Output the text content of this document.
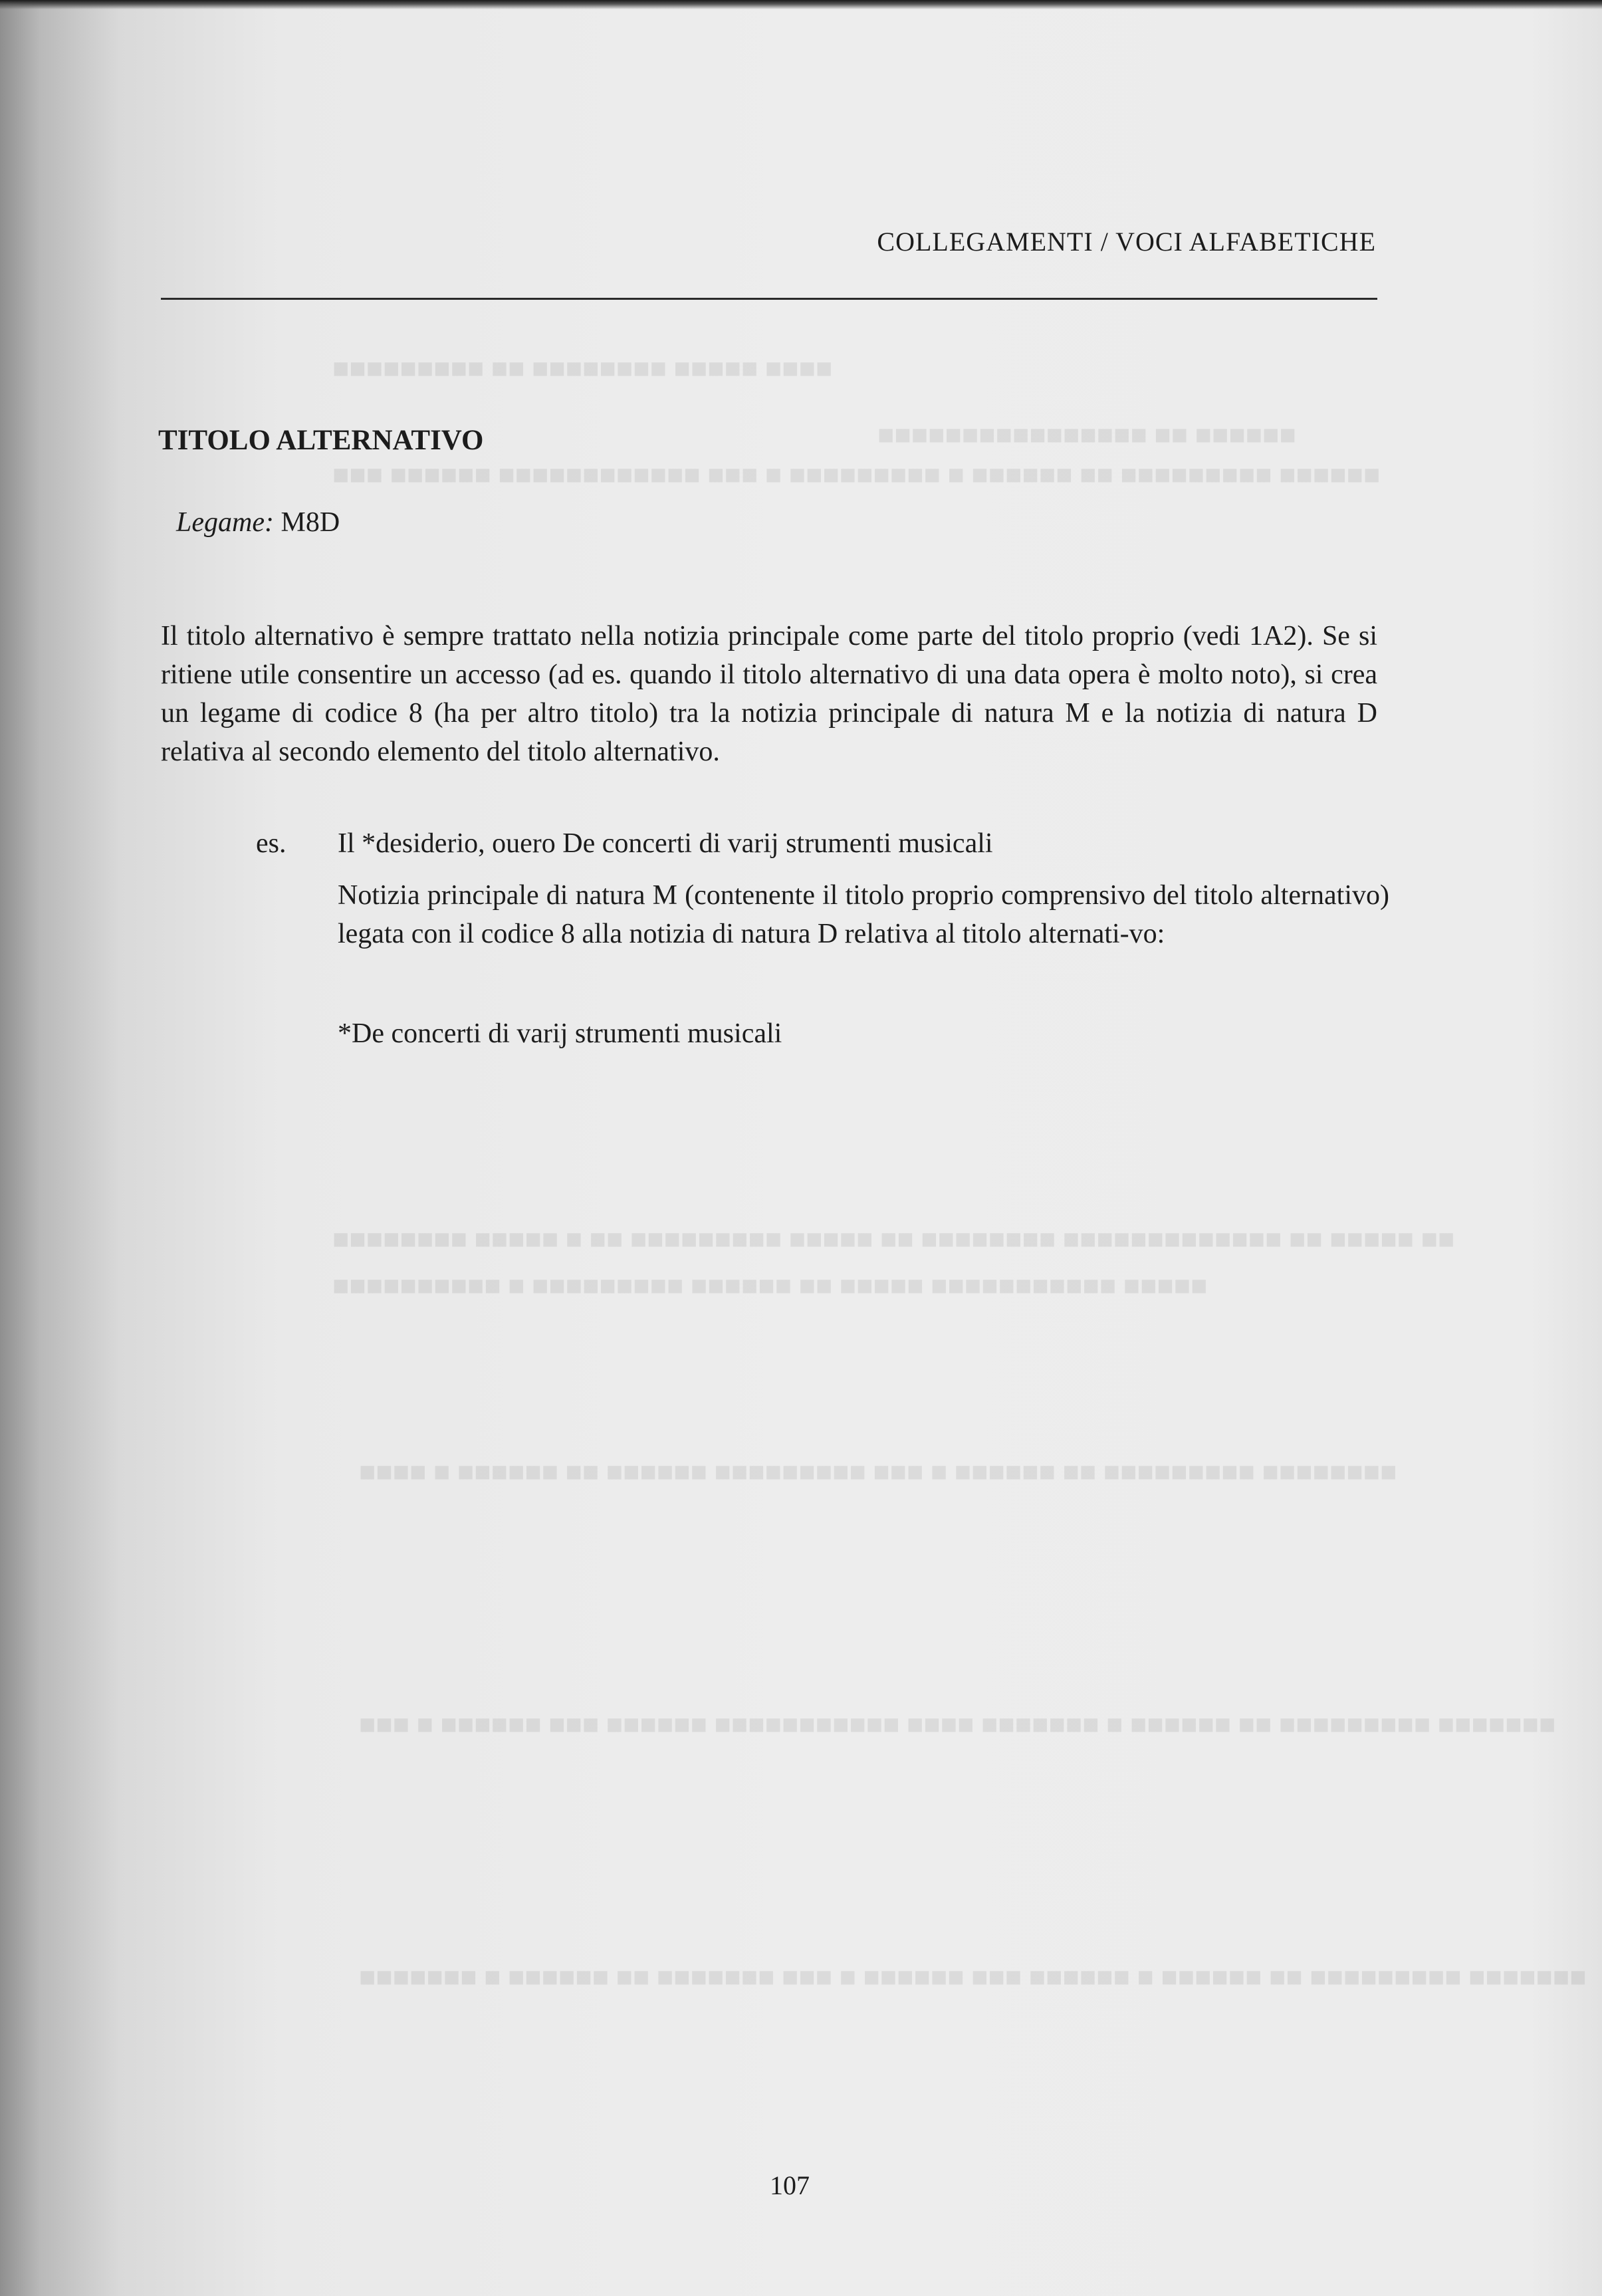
■■■■ ■■■■■ ■■■■■■■■ ■■ ■■■■■■■■■
■■■■■■ ■■ ■■■■■■■■■■■■■■■■
■■■■■■ ■■■■■■■■■ ■■ ■■■■■■ ■ ■■■■■■■■■ ■ ■■■ ■■■■■■■■■■■■ ■■■■■■ ■■■
■■ ■■■■■ ■■ ■■■■■■■■■■■■■ ■■■■■■■■ ■■ ■■■■■ ■■■■■■■■■ ■■ ■ ■■■■■ ■■■■■■■■
■■■■■ ■■■■■■■■■■■ ■■■■■ ■■ ■■■■■■ ■■■■■■■■■ ■ ■■■■■■■■■■
■■■■■■■■ ■■■■■■■■■ ■■ ■■■■■■ ■ ■■■ ■■■■■■■■■ ■■■■■■ ■■ ■■■■■■ ■ ■■■■
■■■■■■■ ■■■■■■■■■ ■■ ■■■■■■ ■ ■■■■■■■ ■■■■ ■■■■■■■■■■■ ■■■■■■ ■■■ ■■■■■■ ■ ■■■
■■■■■■■ ■■■■■■■■■ ■■ ■■■■■■ ■ ■■■■■■ ■■■ ■■■■■■ ■ ■■■ ■■■■■■■ ■■ ■■■■■■ ■ ■■■■■■■
COLLEGAMENTI / VOCI ALFABETICHE
TITOLO ALTERNATIVO
Legame: M8D
Il titolo alternativo è sempre trattato nella notizia principale come parte del titolo proprio (vedi 1A2). Se si ritiene utile consentire un accesso (ad es. quando il titolo alternativo di una data opera è molto noto), si crea un legame di codice 8 (ha per altro titolo) tra la notizia principale di natura M e la notizia di natura D relativa al secondo elemento del titolo alternativo.
es. Il *desiderio, ouero De concerti di varij strumenti musicali
Notizia principale di natura M (contenente il titolo proprio comprensivo del titolo alternativo) legata con il codice 8 alla notizia di natura D relativa al titolo alternati-vo:
*De concerti di varij strumenti musicali
107
